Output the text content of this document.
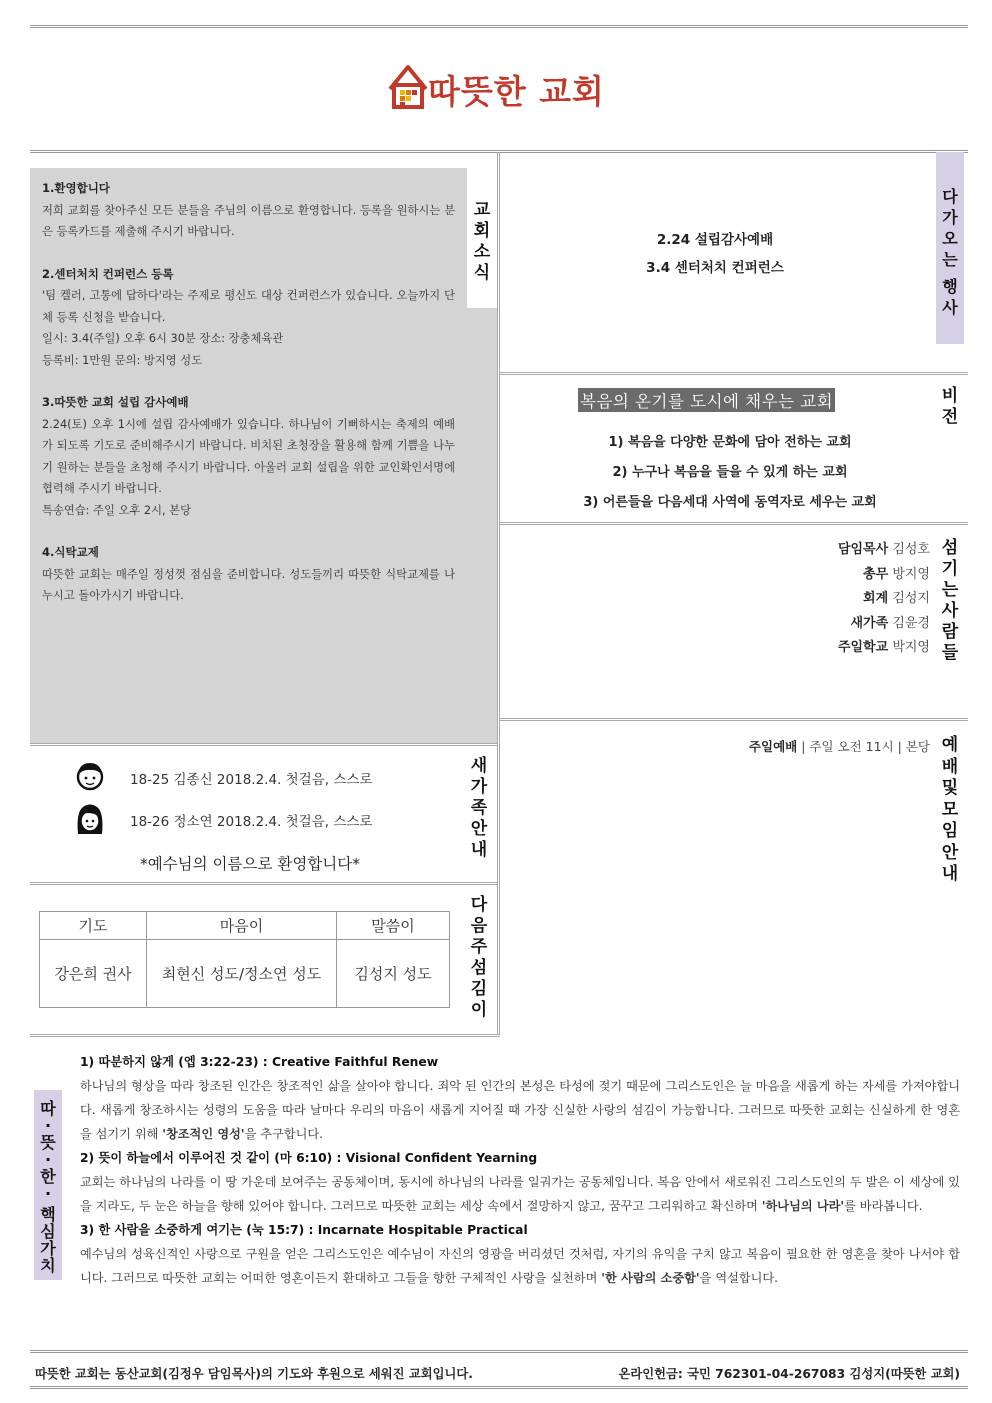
따뜻한 교회
1.환영합니다

저희 교회를 찾아주신 모든 분들을 주님의 이름으로 환영합니다. 등록을 원하시는 분은 등록카드를 제출해 주시기 바랍니다.

2.센터처치 컨퍼런스 등록

'팀 켈러, 고통에 답하다'라는 주제로 평신도 대상 컨퍼런스가 있습니다. 오늘까지 단체 등록 신청을 받습니다.

일시: 3.4(주일) 오후 6시 30분 장소: 장충체육관

등록비: 1만원 문의: 방지영 성도

3.따뜻한 교회 설립 감사예배

2.24(토) 오후 1시에 설립 감사예배가 있습니다. 하나님이 기뻐하시는 축제의 예배가 되도록 기도로 준비해주시기 바랍니다. 비치된 초청장을 활용해 함께 기쁨을 나누기 원하는 분들을 초청해 주시기 바랍니다. 아울러 교회 설립을 위한 교인확인서명에 협력해 주시기 바랍니다.

특송연습: 주일 오후 2시, 본당

4.식탁교제

따뜻한 교회는 매주일 정성껏 점심을 준비합니다. 성도들끼리 따뜻한 식탁교제를 나누시고 돌아가시기 바랍니다.

교
회
소
식
다
가
오
는
행
사
2.24 설립감사예배
3.4 센터처치 컨퍼런스
비
전
복음의 온기를 도시에 채우는 교회
1) 복음을 다양한 문화에 담아 전하는 교회
2) 누구나 복음을 들을 수 있게 하는 교회
3) 어른들을 다음세대 사역에 동역자로 세우는 교회
섬
기
는
사
람
들
담임목사 김성호
총무 방지영
회계 김성지
새가족 김윤경
주일학교 박지영
예
배
및
모
임
안
내
주일예배 | 주일 오전 11시 | 본당
18-25 김종신 2018.2.4. 첫걸음, 스스로
18-26 정소연 2018.2.4. 첫걸음, 스스로
*예수님의 이름으로 환영합니다*
새
가
족
안
내
기도	마음이	말씀이
강은희 권사	최현신 성도/정소연 성도	김성지 성도
다
음
주
섬
김
이
따
·
뜻
·
한
·
핵
심
가
치
1) 따분하지 않게 (엡 3:22-23) : Creative Faithful Renew

하나님의 형상을 따라 창조된 인간은 창조적인 삶을 살아야 합니다. 죄악 된 인간의 본성은 타성에 젖기 때문에 그리스도인은 늘 마음을 새롭게 하는 자세를 가져야합니다. 새롭게 창조하시는 성령의 도움을 따라 날마다 우리의 마음이 새롭게 지어질 때 가장 신실한 사랑의 섬김이 가능합니다. 그러므로 따뜻한 교회는 신실하게 한 영혼을 섬기기 위해 '창조적인 영성'을 추구합니다.

2) 뜻이 하늘에서 이루어진 것 같이 (마 6:10) : Visional Confident Yearning

교회는 하나님의 나라를 이 땅 가운데 보여주는 공동체이며, 동시에 하나님의 나라를 일궈가는 공동체입니다. 복음 안에서 새로워진 그리스도인의 두 발은 이 세상에 있을 지라도, 두 눈은 하늘을 향해 있어야 합니다. 그러므로 따뜻한 교회는 세상 속에서 절망하지 않고, 꿈꾸고 그리워하고 확신하며 '하나님의 나라'를 바라봅니다.

3) 한 사람을 소중하게 여기는 (눅 15:7) : Incarnate Hospitable Practical

예수님의 성육신적인 사랑으로 구원을 얻은 그리스도인은 예수님이 자신의 영광을 버리셨던 것처럼, 자기의 유익을 구치 않고 복음이 필요한 한 영혼을 찾아 나서야 합니다. 그러므로 따뜻한 교회는 어떠한 영혼이든지 환대하고 그들을 향한 구체적인 사랑을 실천하며 '한 사람의 소중함'을 역설합니다.

따뜻한 교회는 동산교회(김정우 담임목사)의 기도와 후원으로 세워진 교회입니다.	온라인헌금: 국민 762301-04-267083 김성지(따뜻한 교회)
